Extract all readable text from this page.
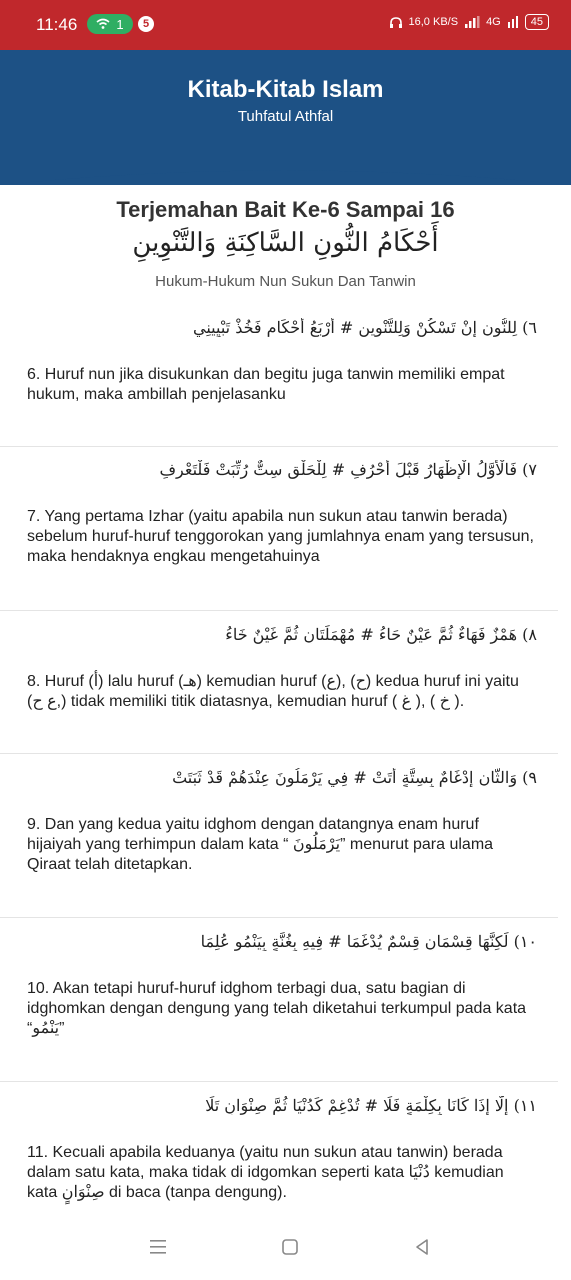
11:46	1	5	16,0 KB/S	4G	45
Kitab-Kitab Islam
Tuhfatul Athfal
Terjemahan Bait Ke-6 Sampai 16
أَحْكَامُ النُّونِ السَّاكِنَةِ وَالتَّنْوِينِ
Hukum-Hukum Nun Sukun Dan Tanwin
٦) لِلنُّونِ إِنْ تَسْكُنْ وَلِلتَّنْوِينِ # أَرْبَعُ أَحْكَامٍ فَخُذْ تَبْيِينِي
6. Huruf nun jika disukunkan dan begitu juga tanwin memiliki empat hukum, maka ambillah penjelasanku
٧) فَالْأَوَّلُ الْإِظْهَارُ قَبْلَ أَحْرُفِ # لِلْحَلْقِ سِتٌّ رُتِّبَتْ فَلْتَعْرِفِ
7. Yang pertama Izhar (yaitu apabila nun sukun atau tanwin berada) sebelum huruf-huruf tenggorokan yang jumlahnya enam yang tersusun, maka hendaknya engkau mengetahuinya
٨) هَمْزٌ فَهَاءٌ ثُمَّ عَيْنٌ حَاءُ # مُهْمَلَتَانِ ثُمَّ غَيْنٌ خَاءُ
8. Huruf (أ) lalu huruf (هـ) kemudian huruf (ع), (ح) kedua huruf ini yaitu (ع ح,) tidak memiliki titik diatasnya, kemudian huruf ( غ ), ( خ ).
٩) وَالثَّانِ إِدْغَامٌ بِسِتَّةٍ أَتَتْ # فِي يَرْمَلُونَ عِنْدَهُمْ قَدْ ثَبَتَتْ
9. Dan yang kedua yaitu idghom dengan datangnya enam huruf hijaiyah yang terhimpun dalam kata “ يَرْمَلُونَ” menurut para ulama Qiraat telah ditetapkan.
١٠) لَكِنَّهَا قِسْمَانِ قِسْمٌ يُدْغَمَا # فِيهِ بِغُنَّةٍ بِيَنْمُو عُلِمَا
10. Akan tetapi huruf-huruf idghom terbagi dua, satu bagian di idghomkan dengan dengung yang telah diketahui terkumpul pada kata “يَنْمُو”
١١) إِلَّا إِذَا كَانَا بِكِلْمَةٍ فَلَا # تُدْغِمْ كَدُنْيَا ثُمَّ صِنْوَانٍ تَلَا
11. Kecuali apabila keduanya (yaitu nun sukun atau tanwin) berada dalam satu kata, maka tidak di idgomkan seperti kata دُنْيَا kemudian kata صِنْوَانٍ di baca (tanpa dengung).
